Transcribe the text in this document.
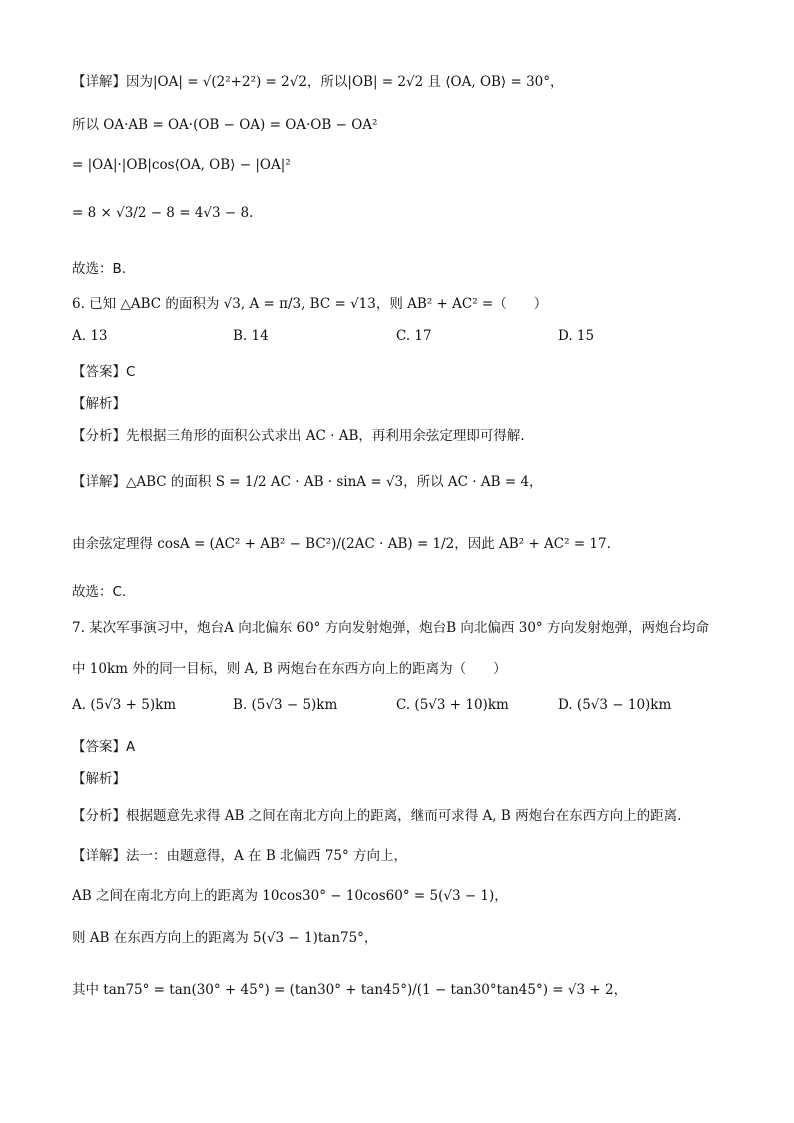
【详解】因为|OA| = √(2²+2²) = 2√2，所以|OB| = 2√2 且 ⟨OA, OB⟩ = 30°，
所以 OA·AB = OA·(OB − OA) = OA·OB − OA²
= |OA|·|OB|cos⟨OA, OB⟩ − |OA|²
= 8 × √3/2 − 8 = 4√3 − 8.
故选：B.
6. 已知 △ABC 的面积为 √3, A = π/3, BC = √13，则 AB² + AC² =（　　）
A. 13	B. 14	C. 17	D. 15
【答案】C
【解析】
【分析】先根据三角形的面积公式求出 AC · AB，再利用余弦定理即可得解.
【详解】△ABC 的面积 S = 1/2 AC · AB · sinA = √3，所以 AC · AB = 4，
由余弦定理得 cosA = (AC² + AB² − BC²)/(2AC · AB) = 1/2，因此 AB² + AC² = 17.
故选：C.
7. 某次军事演习中，炮台A 向北偏东 60° 方向发射炮弹，炮台B 向北偏西 30° 方向发射炮弹，两炮台均命
中 10km 外的同一目标，则 A, B 两炮台在东西方向上的距离为（　　）
A. (5√3 + 5)km	B. (5√3 − 5)km	C. (5√3 + 10)km	D. (5√3 − 10)km
【答案】A
【解析】
【分析】根据题意先求得 AB 之间在南北方向上的距离，继而可求得 A, B 两炮台在东西方向上的距离.
【详解】法一：由题意得，A 在 B 北偏西 75° 方向上，
AB 之间在南北方向上的距离为 10cos30° − 10cos60° = 5(√3 − 1)，
则 AB 在东西方向上的距离为 5(√3 − 1)tan75°，
其中 tan75° = tan(30° + 45°) = (tan30° + tan45°)/(1 − tan30°tan45°) = √3 + 2，
